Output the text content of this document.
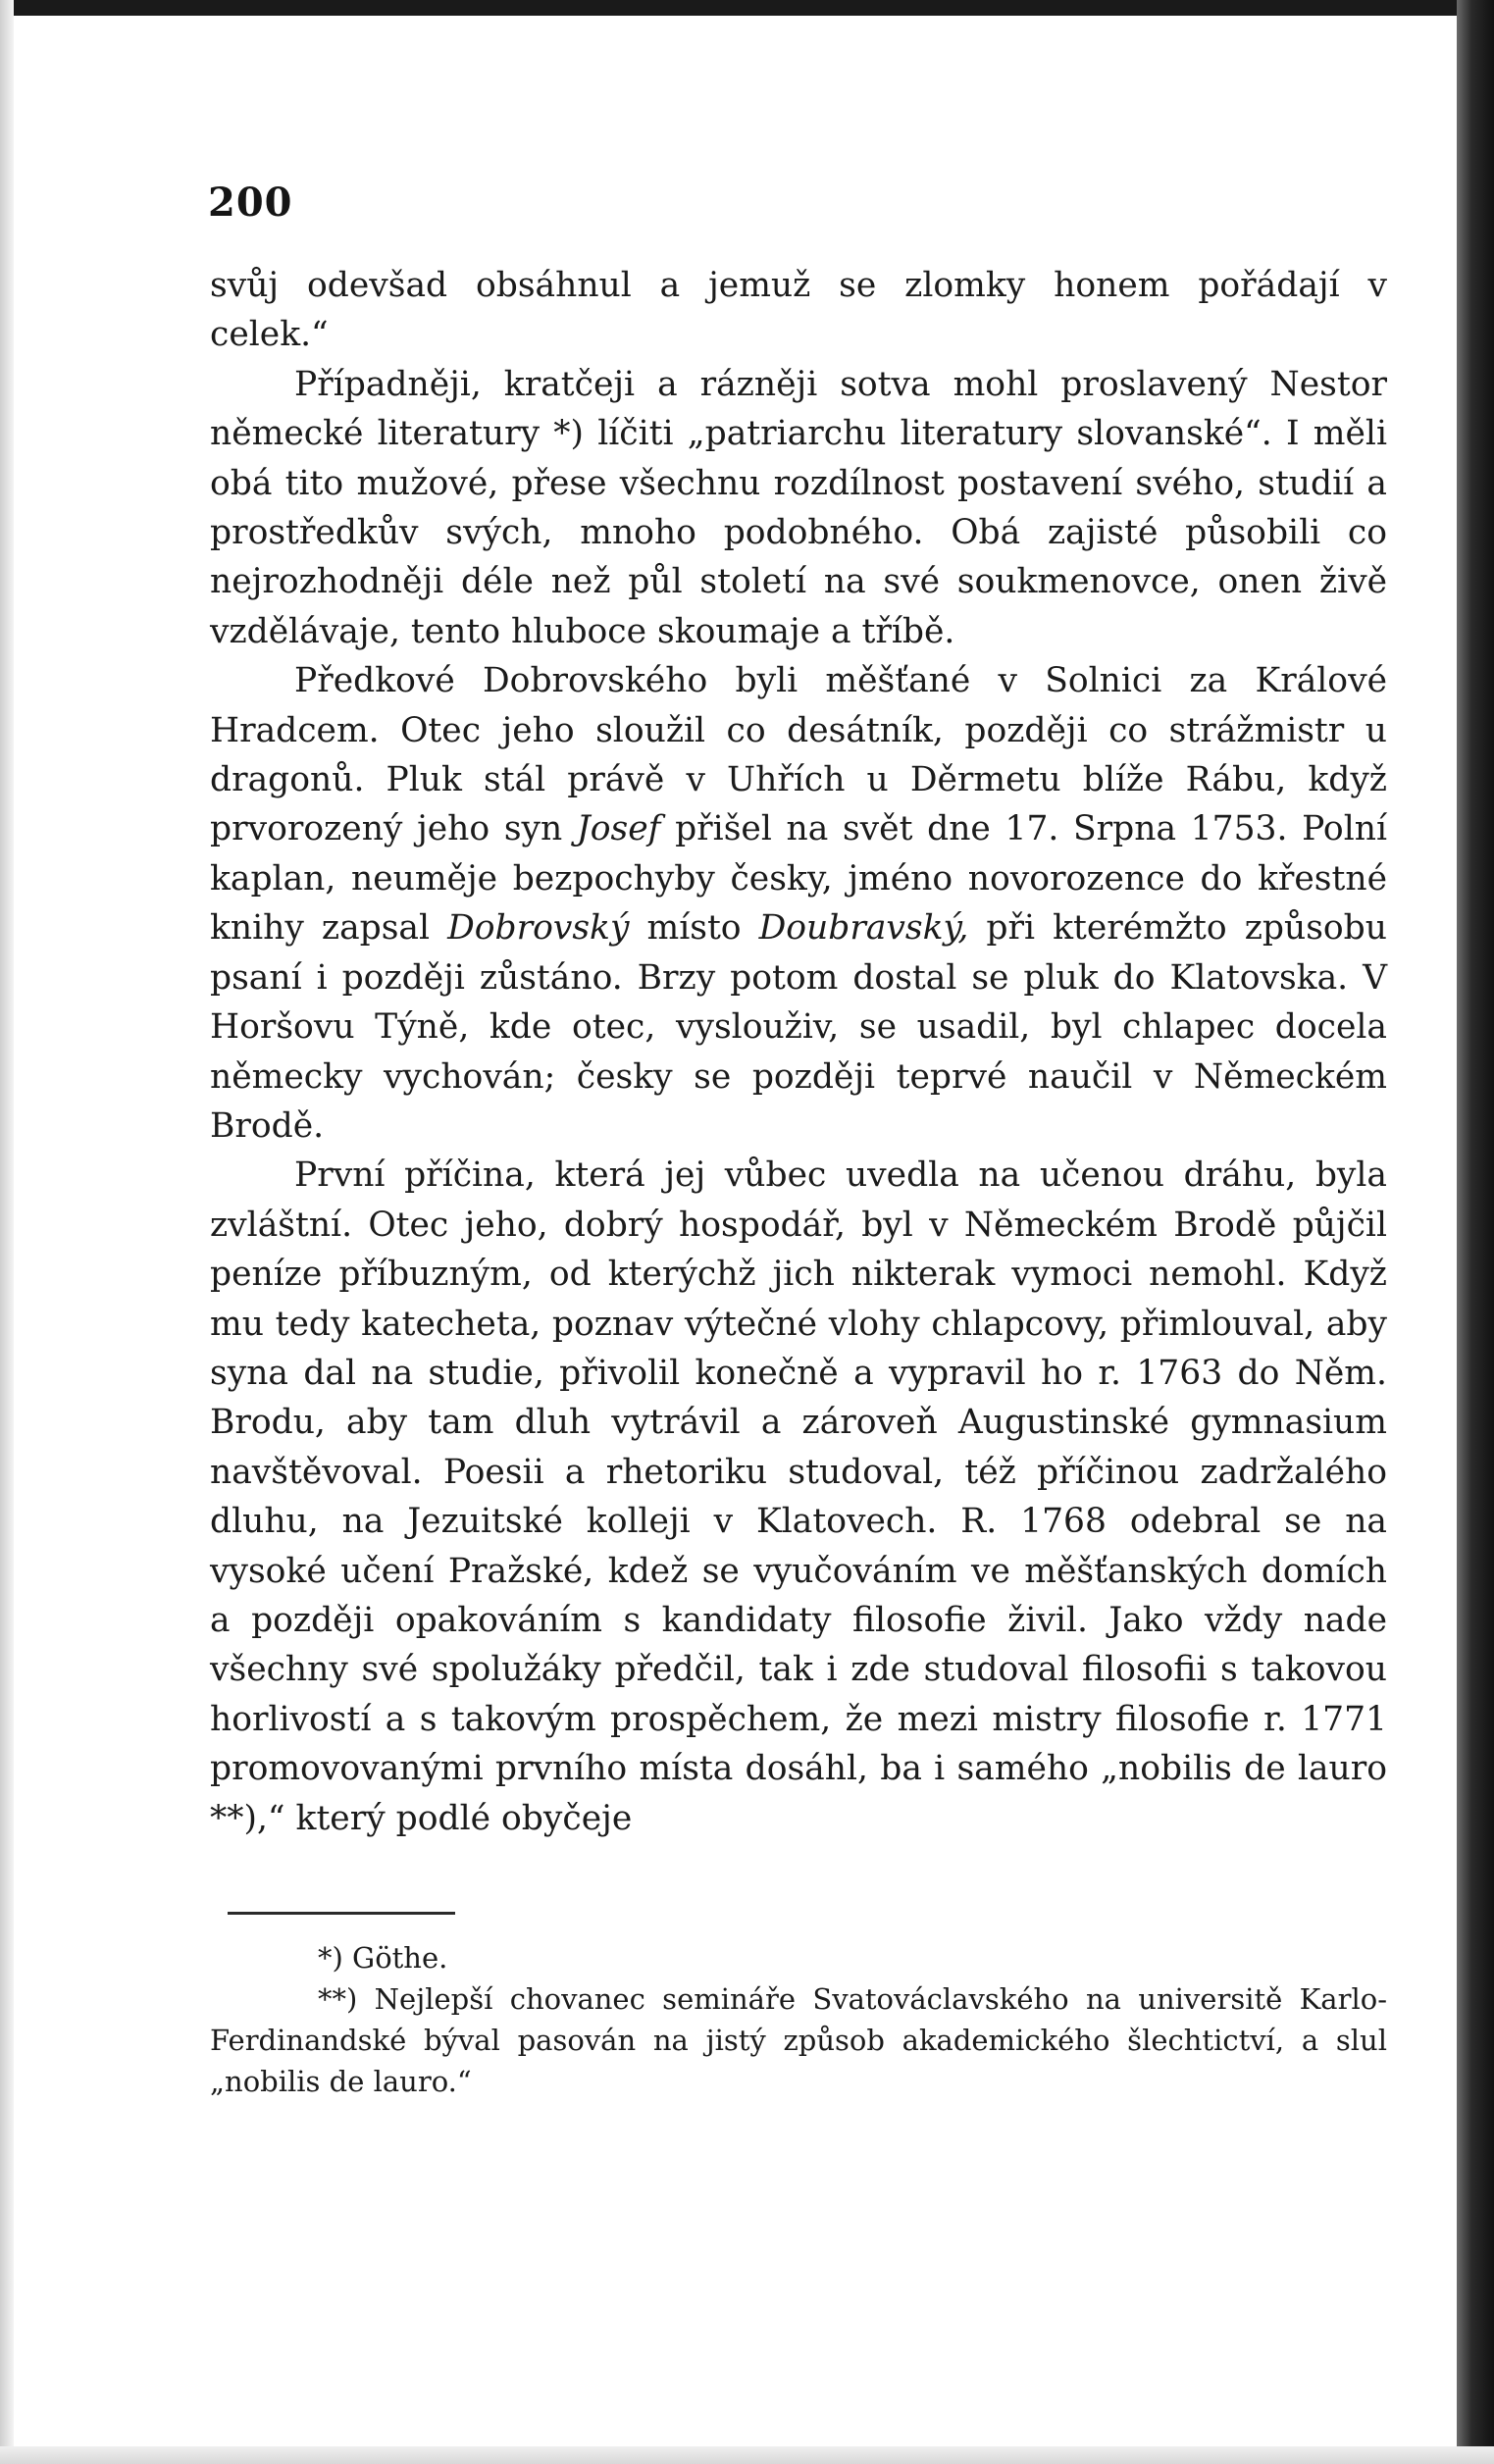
200

svůj odevšad obsáhnul a jemuž se zlomky honem pořádají v

celek.“

Případněji, kratčeji a rázněji sotva mohl proslavený Nestor německé literatury *) líčiti „patriarchu literatury slovanské“. I měli obá tito mužové, přese všechnu rozdílnost postavení svého, studií a prostředkův svých, mnoho podobného. Obá zajisté působili co nejrozhodněji déle než půl století na své soukmenovce, onen živě vzdělávaje, tento hluboce skoumaje a tříbě.

Předkové Dobrovského byli měšťané v Solnici za Králové Hradcem. Otec jeho sloužil co desátník, později co strážmistr u dragonů. Pluk stál právě v Uhřích u Děrmetu blíže Rábu, když prvorozený jeho syn Josef přišel na svět dne 17. Srpna 1753. Polní kaplan, neuměje bezpochyby česky, jméno novorozence do křestné knihy zapsal Dobrovský místo Doubravský, při kterémžto způsobu psaní i později zůstáno. Brzy potom dostal se pluk do Klatovska. V Horšovu Týně, kde otec, vyslouživ, se usadil, byl chlapec docela německy vychován; česky se později teprvé naučil v Německém Brodě.

První příčina, která jej vůbec uvedla na učenou dráhu, byla zvláštní. Otec jeho, dobrý hospodář, byl v Německém Brodě půjčil peníze příbuzným, od kterýchž jich nikterak vymoci nemohl. Když mu tedy katecheta, poznav výtečné vlohy chlapcovy, přimlouval, aby syna dal na studie, přivolil konečně a vypravil ho r. 1763 do Něm. Brodu, aby tam dluh vytrávil a zároveň Augustinské gymnasium navštěvoval. Poesii a rhetoriku studoval, též příčinou zadržalého dluhu, na Jezuitské kolleji v Klatovech. R. 1768 odebral se na vysoké učení Pražské, kdež se vyučováním ve měšťanských domích a později opakováním s kandidaty filosofie živil. Jako vždy nade všechny své spolužáky předčil, tak i zde studoval filosofii s takovou horlivostí a s takovým prospěchem, že mezi mistry filosofie r. 1771 promovovanými prvního místa dosáhl, ba i samého „nobilis de lauro **),“ který podlé obyčeje

*) Göthe.

**) Nejlepší chovanec semináře Svatováclavského na universitě Karlo-Ferdinandské býval pasován na jistý způsob akademického šlechtictví, a slul „nobilis de lauro.“
